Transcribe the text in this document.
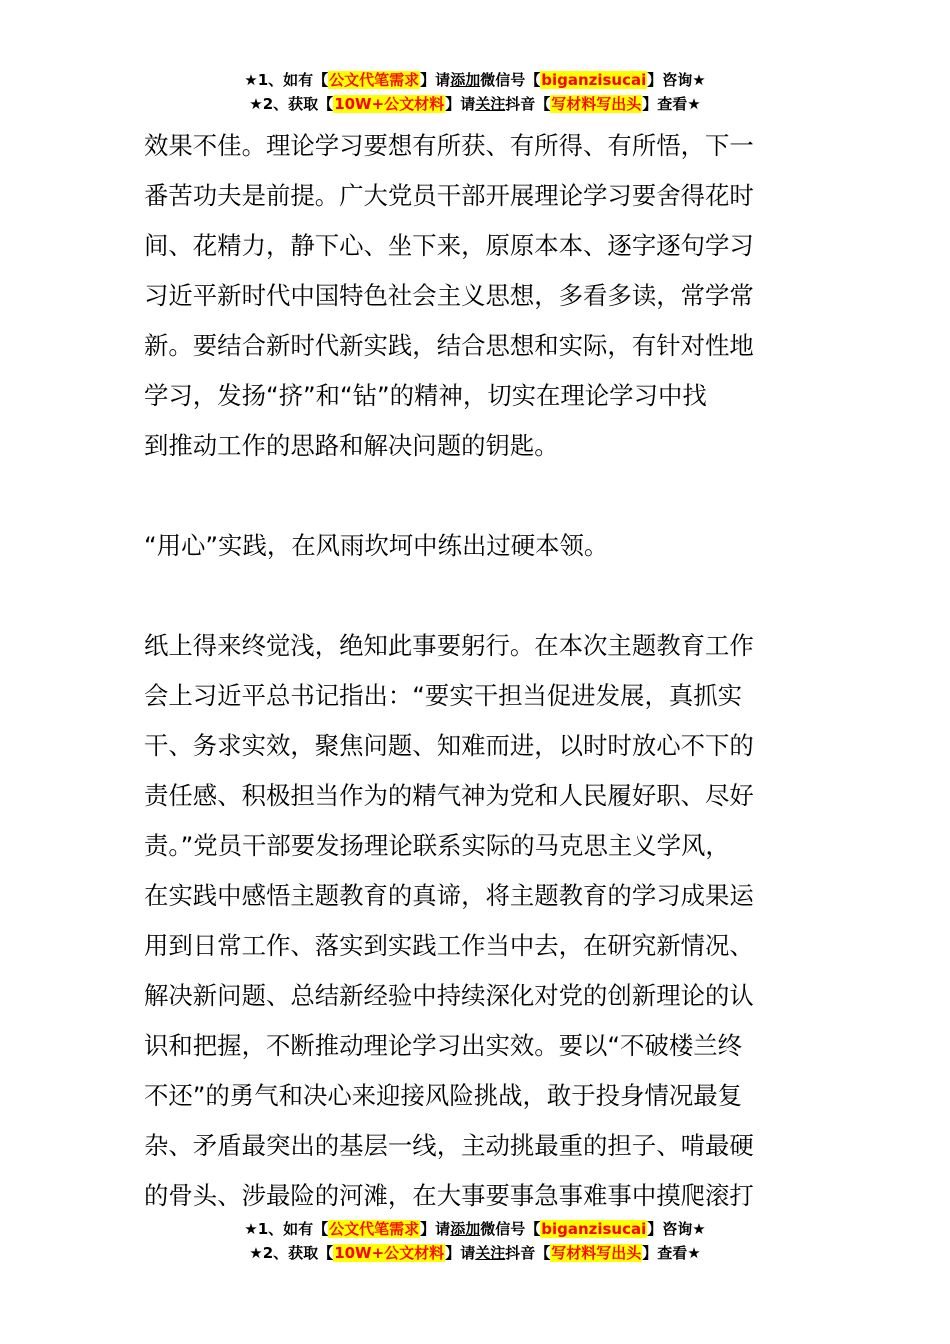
★1、如有【公文代笔需求】请添加微信号【biganzisucai】咨询★
★2、获取【10W+公文材料】请关注抖音【写材料写出头】查看★
效果不佳。理论学习要想有所获、有所得、有所悟，下一
番苦功夫是前提。广大党员干部开展理论学习要舍得花时
间、花精力，静下心、坐下来，原原本本、逐字逐句学习
习近平新时代中国特色社会主义思想，多看多读，常学常
新。要结合新时代新实践，结合思想和实际，有针对性地
学习，发扬“挤”和“钻”的精神，切实在理论学习中找
到推动工作的思路和解决问题的钥匙。
“用心”实践，在风雨坎坷中练出过硬本领。
纸上得来终觉浅，绝知此事要躬行。在本次主题教育工作
会上习近平总书记指出：“要实干担当促进发展，真抓实
干、务求实效，聚焦问题、知难而进，以时时放心不下的
责任感、积极担当作为的精气神为党和人民履好职、尽好
责。”党员干部要发扬理论联系实际的马克思主义学风，
在实践中感悟主题教育的真谛，将主题教育的学习成果运
用到日常工作、落实到实践工作当中去，在研究新情况、
解决新问题、总结新经验中持续深化对党的创新理论的认
识和把握，不断推动理论学习出实效。要以“不破楼兰终
不还”的勇气和决心来迎接风险挑战，敢于投身情况最复
杂、矛盾最突出的基层一线，主动挑最重的担子、啃最硬
的骨头、涉最险的河滩，在大事要事急事难事中摸爬滚打
★1、如有【公文代笔需求】请添加微信号【biganzisucai】咨询★
★2、获取【10W+公文材料】请关注抖音【写材料写出头】查看★
